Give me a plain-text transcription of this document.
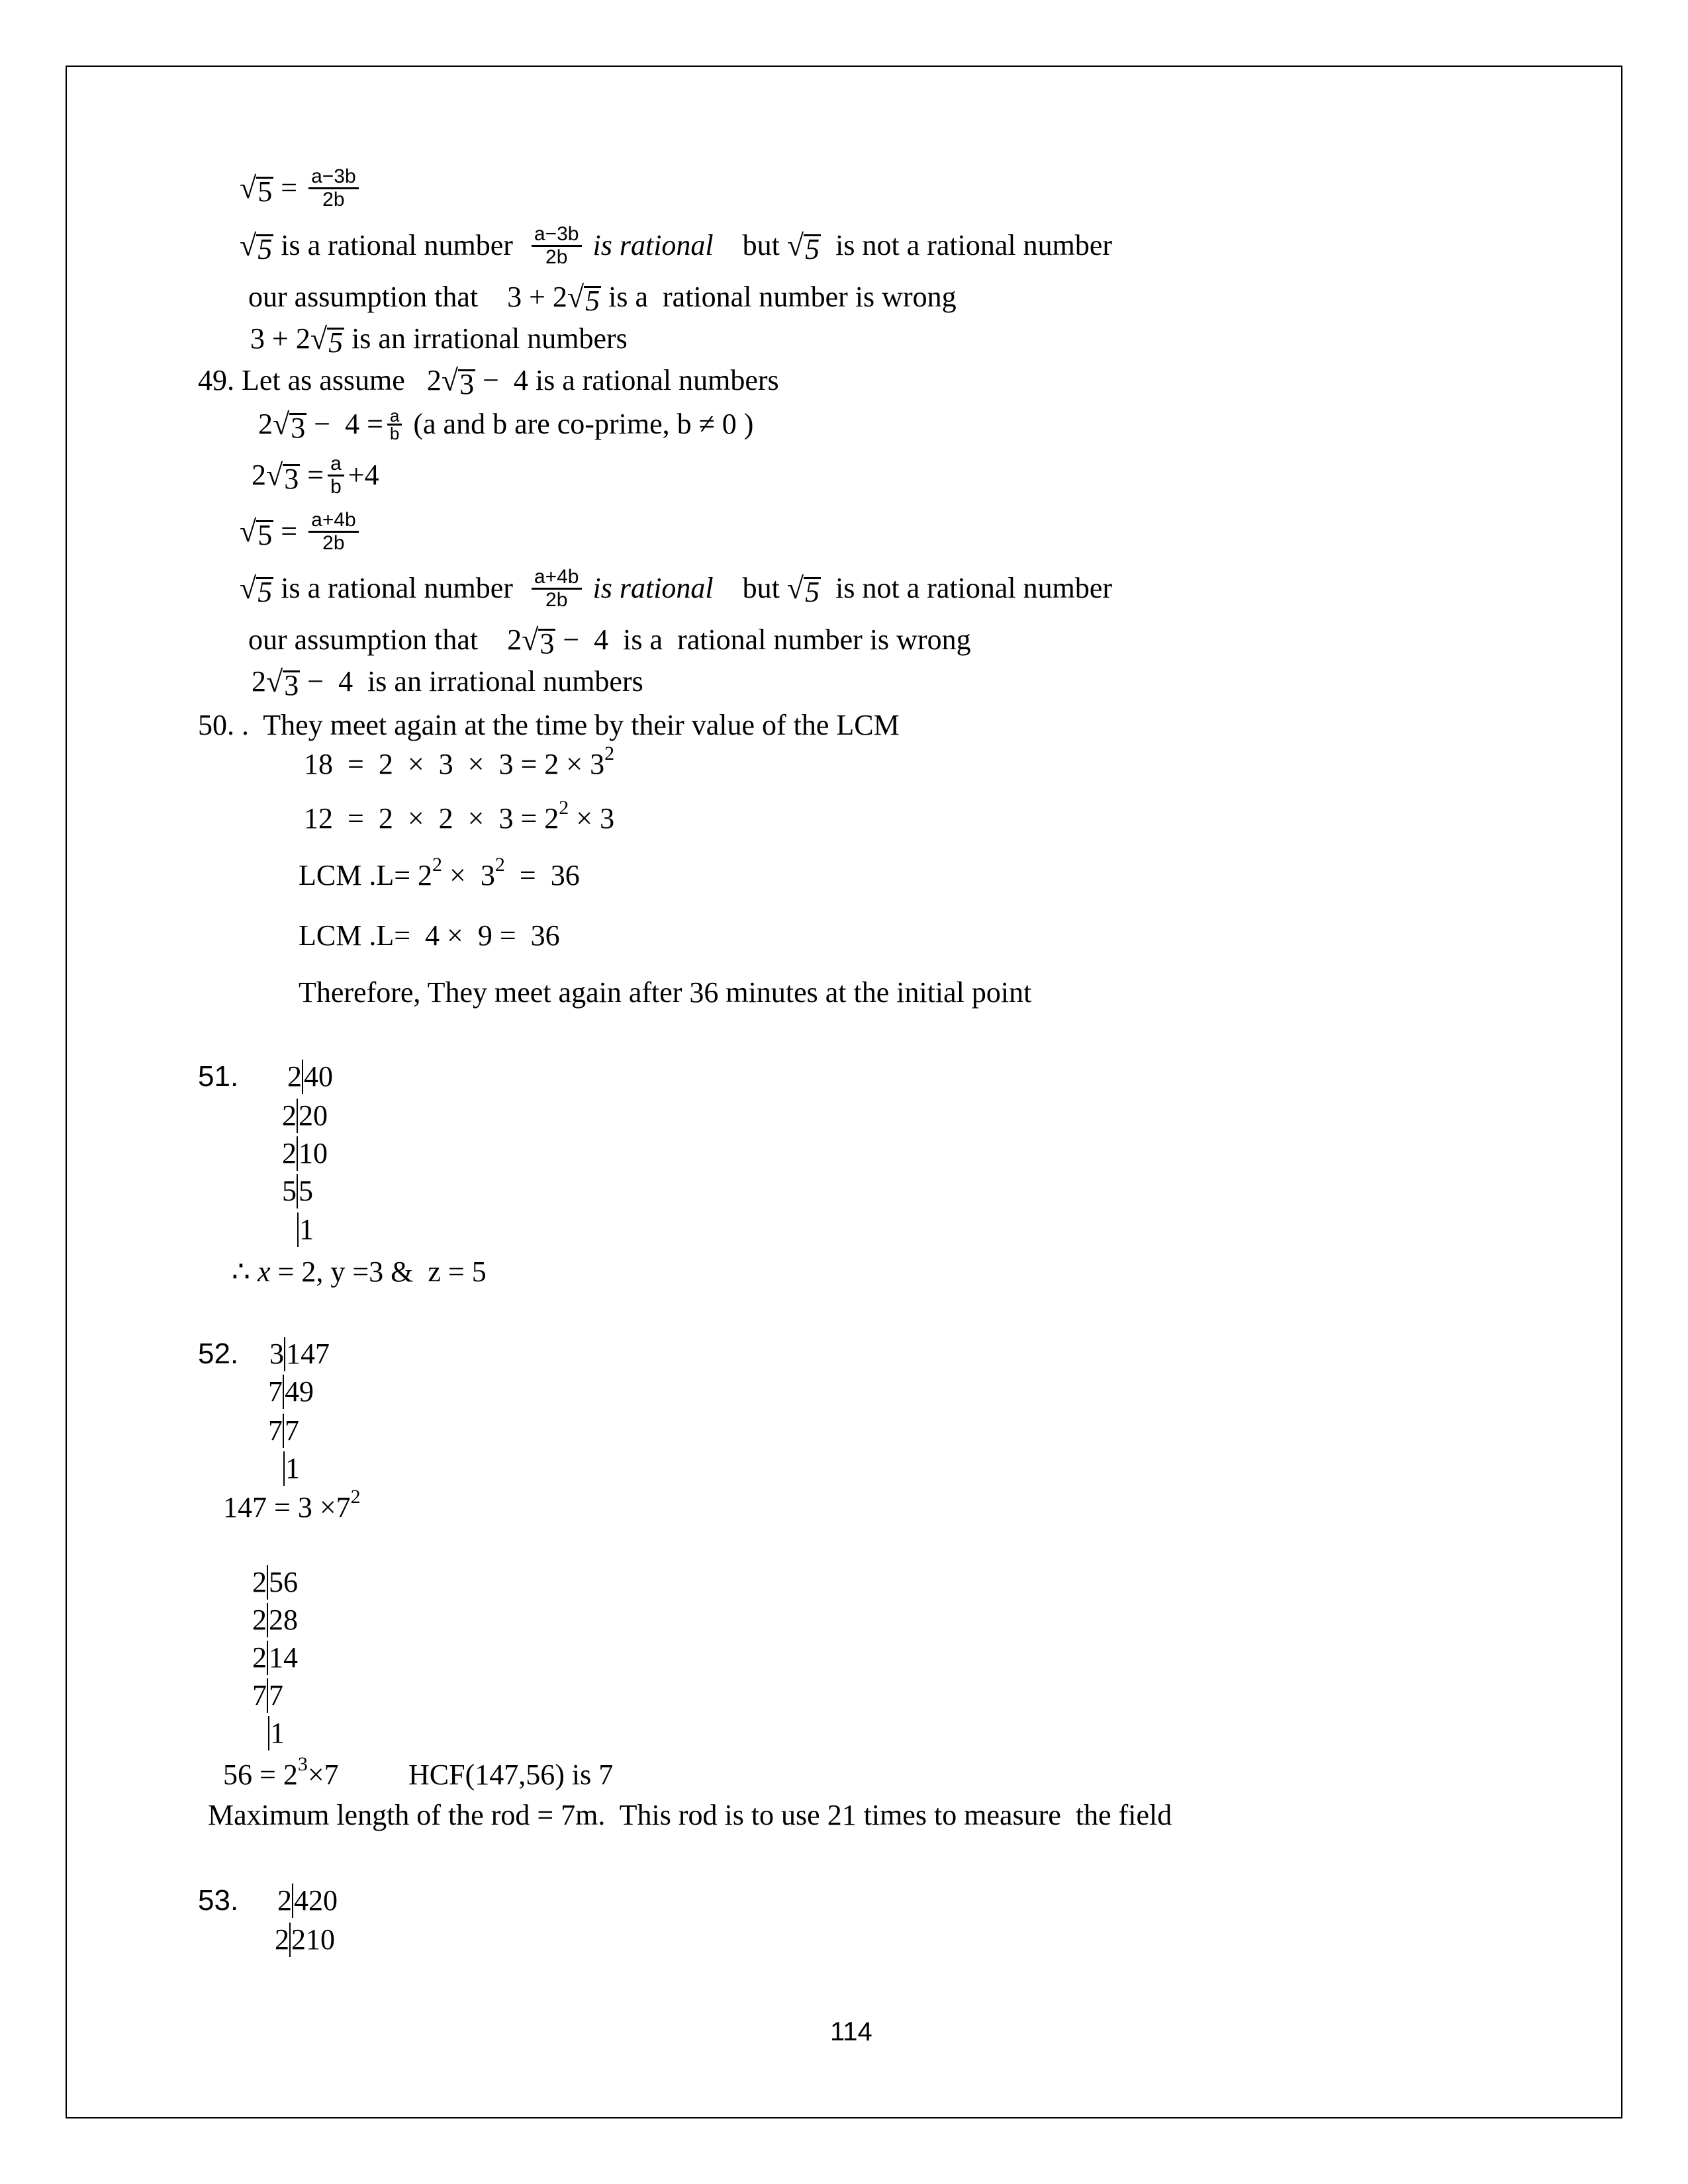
√ $5 = \frac{a-3b}{2b}$
√ 5 is a rational number $\frac{a-3b}{2b}$ is rational but √ 5 is not a rational number
our assumption that    3 + 2 √ 5 is a  rational number is wrong
3 + 2 √ 5 is an irrational numbers
49. Let as assume   2 √ 3 −  4 is a rational numbers
2 √ $3 - 4 = \frac{a}{b} (a$ and b are co-prime, b ≠ 0 )
2 √ $3 = \frac{a}{b} +4$
√ $5 = \frac{a+4b}{2b}$
√ 5 is a rational number $\frac{a+4b}{2b}$ is rational but √ 5 is not a rational number
our assumption that    2 √ 3 −  4  is a  rational number is wrong
2 √ 3 −  4  is an irrational numbers
50. .  They meet again at the time by their value of the LCM
18  =  2  ×  3  ×  3 = 2 × 3 2
12  =  2  ×  2  ×  3 = 2 2 × 3
LCM .L= 2 2 ×  3 2 =  36
LCM .L=  4 ×  9 =  36
Therefore, They meet again after 36 minutes at the initial point
51. 2 40
2 20
2 10
5 5
1
∴ x = 2, y =3 &  z = 5
52. 3 147
7 49
7 7
1
147 = 3 ×7 2
2 56
2 28
2 14
7 7
1
56 = 2 3 ×7 HCF(147,56) is 7
Maximum length of the rod = 7m.  This rod is to use 21 times to measure  the field
53. 2 420
2 210
114
